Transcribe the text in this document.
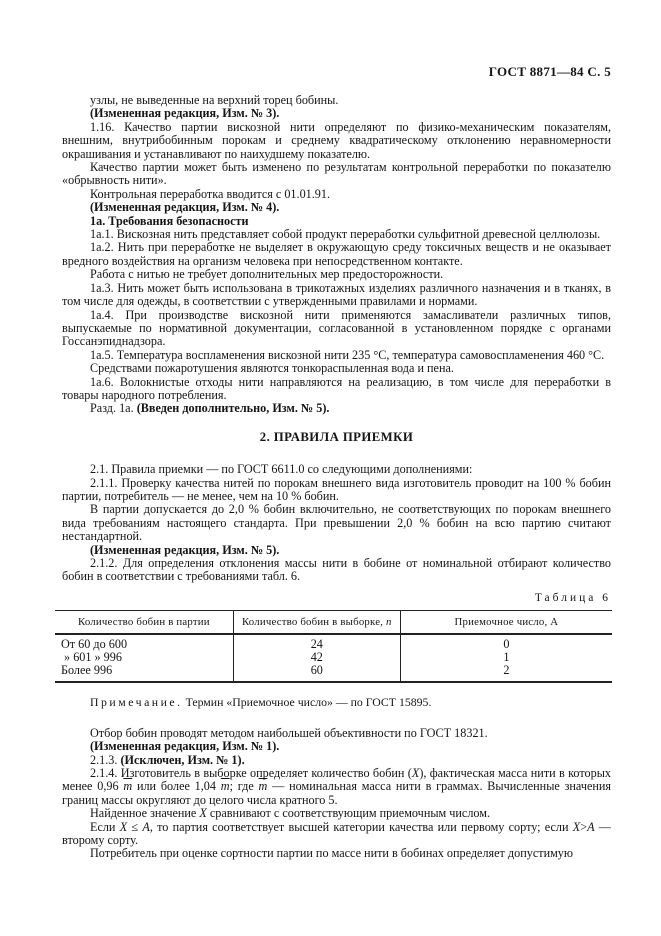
ГОСТ 8871—84 С. 5

узлы, не выведенные на верхний торец бобины.

(Измененная редакция, Изм. № 3).

1.16. Качество партии вискозной нити определяют по физико-механическим показателям, внешним, внутрибобинным порокам и среднему квадратическому отклонению неравномерности окрашивания и устанавливают по наихудшему показателю.

Качество партии может быть изменено по результатам контрольной переработки по показателю «обрывность нити».

Контрольная переработка вводится с 01.01.91.

(Измененная редакция, Изм. № 4).

1а. Требования безопасности

1а.1. Вискозная нить представляет собой продукт переработки сульфитной древесной целлюлозы.

1а.2. Нить при переработке не выделяет в окружающую среду токсичных веществ и не оказывает вредного воздействия на организм человека при непосредственном контакте.

Работа с нитью не требует дополнительных мер предосторожности.

1а.3. Нить может быть использована в трикотажных изделиях различного назначения и в тканях, в том числе для одежды, в соответствии с утвержденными правилами и нормами.

1а.4. При производстве вискозной нити применяются замасливатели различных типов, выпускаемые по нормативной документации, согласованной в установленном порядке с органами Госсанэпиднадзора.

1а.5. Температура воспламенения вискозной нити 235 °С, температура самовоспламенения 460 °С.

Средствами пожаротушения являются тонкораспыленная вода и пена.

1а.6. Волокнистые отходы нити направляются на реализацию, в том числе для переработки в товары народного потребления.

Разд. 1а. (Введен дополнительно, Изм. № 5).

2. ПРАВИЛА ПРИЕМКИ

2.1. Правила приемки — по ГОСТ 6611.0 со следующими дополнениями:

2.1.1. Проверку качества нитей по порокам внешнего вида изготовитель проводит на 100 % бобин партии, потребитель — не менее, чем на 10 % бобин.

В партии допускается до 2,0 % бобин включительно, не соответствующих по порокам внешнего вида требованиям настоящего стандарта. При превышении 2,0 % бобин на всю партию считают нестандартной.

(Измененная редакция, Изм. № 5).

2.1.2. Для определения отклонения массы нити в бобине от номинальной отбирают количество бобин в соответствии с требованиями табл. 6.

Таблица 6
Количество бобин в партии	Количество бобин в выборке, n	Приемочное число, А
От 60 до 600	24	0
» 601 » 996	42	1
Более 996	60	2

Примечание. Термин «Приемочное число» — по ГОСТ 15895.

Отбор бобин проводят методом наибольшей объективности по ГОСТ 18321.

(Измененная редакция, Изм. № 1).

2.1.3. (Исключен, Изм. № 1).

2.1.4. Изготовитель в выборке определяет количество бобин (X), фактическая масса нити в которых менее 0,96 $\overline{m}$ или более 1,04 $\overline{m}$; где $\overline{m}$ — номинальная масса нити в граммах. Вычисленные значения границ массы округляют до целого числа кратного 5.

Найденное значение X сравнивают с соответствующим приемочным числом.

Если X ≤ A, то партия соответствует высшей категории качества или первому сорту; если X>A — второму сорту.

Потребитель при оценке сортности партии по массе нити в бобинах определяет допустимую
